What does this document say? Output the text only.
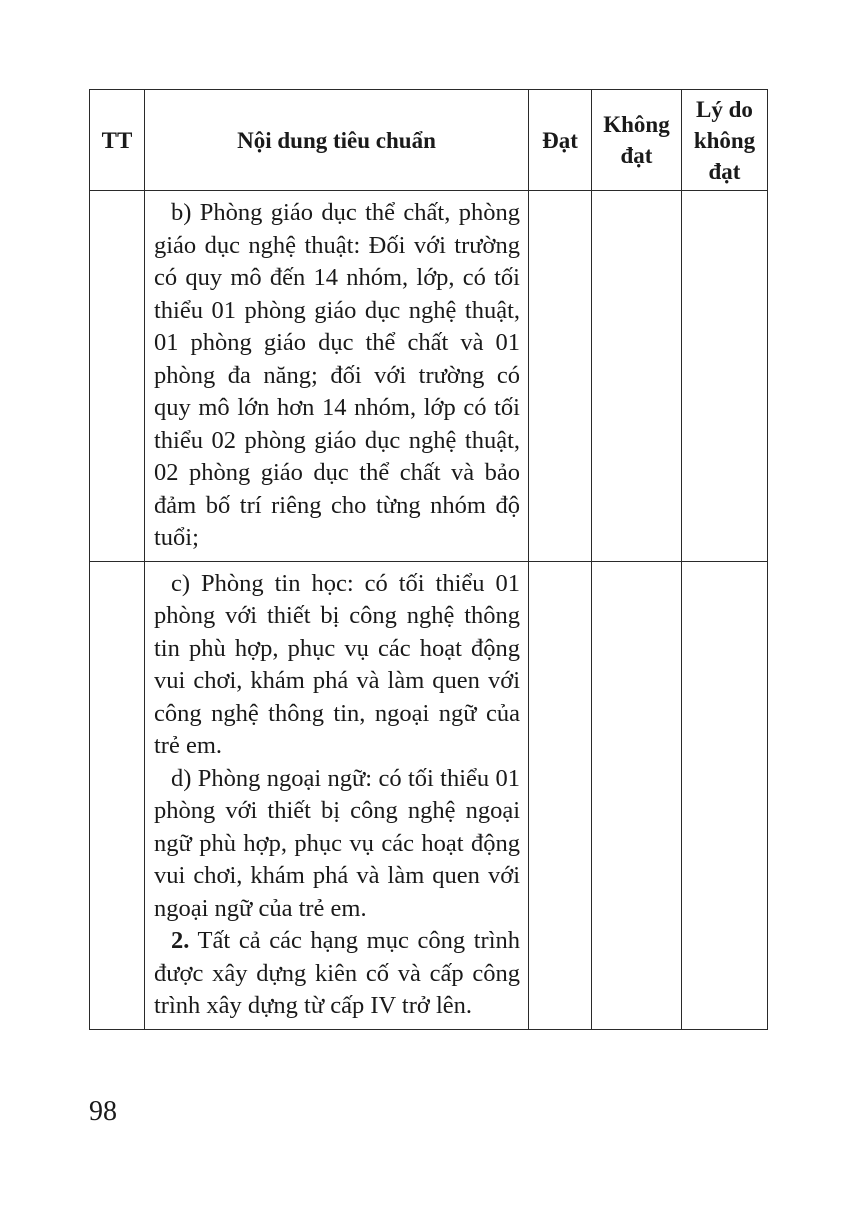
TT	Nội dung tiêu chuẩn	Đạt	Không đạt	Lý do không đạt

	b) Phòng giáo dục thể chất, phòng giáo dục nghệ thuật: Đối với trường có quy mô đến 14 nhóm, lớp, có tối thiểu 01 phòng giáo dục nghệ thuật, 01 phòng giáo dục thể chất và 01 phòng đa năng; đối với trường có quy mô lớn hơn 14 nhóm, lớp có tối thiểu 02 phòng giáo dục nghệ thuật, 02 phòng giáo dục thể chất và bảo đảm bố trí riêng cho từng nhóm độ tuổi;			

	c) Phòng tin học: có tối thiểu 01 phòng với thiết bị công nghệ thông tin phù hợp, phục vụ các hoạt động vui chơi, khám phá và làm quen với công nghệ thông tin, ngoại ngữ của trẻ em.

d) Phòng ngoại ngữ: có tối thiểu 01 phòng với thiết bị công nghệ ngoại ngữ phù hợp, phục vụ các hoạt động vui chơi, khám phá và làm quen với ngoại ngữ của trẻ em.

2. Tất cả các hạng mục công trình được xây dựng kiên cố và cấp công trình xây dựng từ cấp IV trở lên.			

98
